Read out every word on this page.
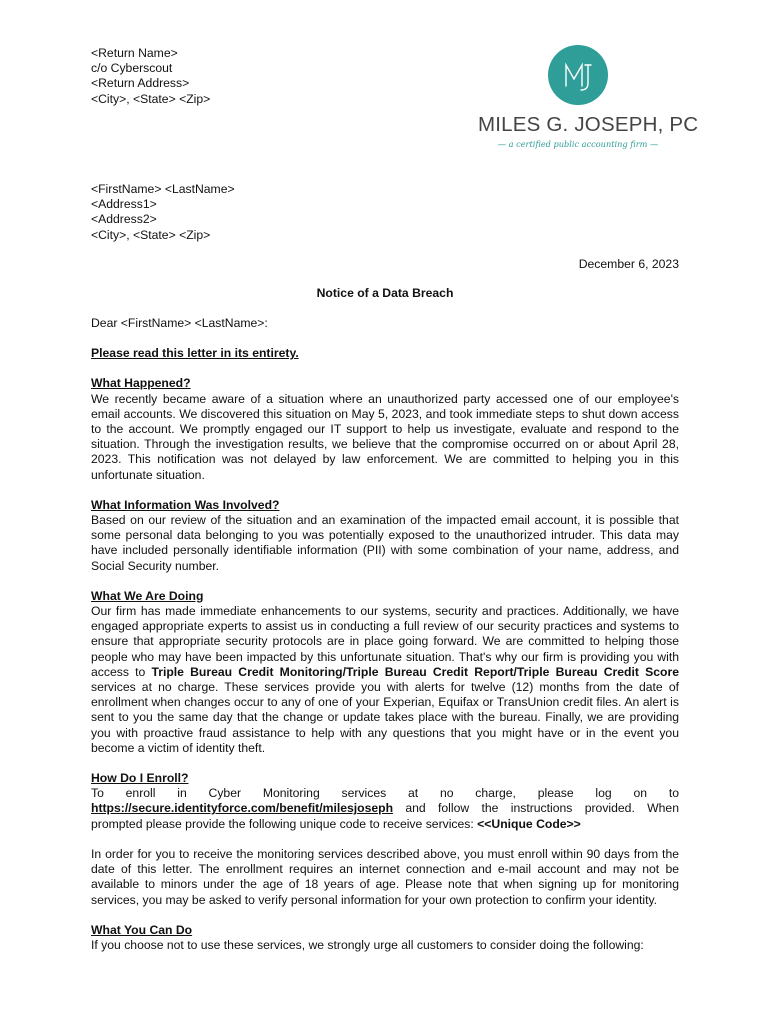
<Return Name>
c/o Cyberscout
<Return Address>
<City>, <State> <Zip>
MILES G. JOSEPH, PC
— a certified public accounting firm —
<FirstName> <LastName>
<Address1>
<Address2>
<City>, <State> <Zip>
December 6, 2023
Notice of a Data Breach

Dear <FirstName> <LastName>:

Please read this letter in its entirety.

What Happened?

We recently became aware of a situation where an unauthorized party accessed one of our employee's email accounts. We discovered this situation on May 5, 2023, and took immediate steps to shut down access to the account. We promptly engaged our IT support to help us investigate, evaluate and respond to the situation. Through the investigation results, we believe that the compromise occurred on or about April 28, 2023. This notification was not delayed by law enforcement. We are committed to helping you in this unfortunate situation.

What Information Was Involved?

Based on our review of the situation and an examination of the impacted email account, it is possible that some personal data belonging to you was potentially exposed to the unauthorized intruder. This data may have included personally identifiable information (PII) with some combination of your name, address, and Social Security number.

What We Are Doing

Our firm has made immediate enhancements to our systems, security and practices. Additionally, we have engaged appropriate experts to assist us in conducting a full review of our security practices and systems to ensure that appropriate security protocols are in place going forward. We are committed to helping those people who may have been impacted by this unfortunate situation. That's why our firm is providing you with access to Triple Bureau Credit Monitoring/Triple Bureau Credit Report/Triple Bureau Credit Score services at no charge. These services provide you with alerts for twelve (12) months from the date of enrollment when changes occur to any of one of your Experian, Equifax or TransUnion credit files. An alert is sent to you the same day that the change or update takes place with the bureau. Finally, we are providing you with proactive fraud assistance to help with any questions that you might have or in the event you become a victim of identity theft.

How Do I Enroll?

To enroll in Cyber Monitoring services at no charge, please log on to https://secure.identityforce.com/benefit/milesjoseph and follow the instructions provided. When prompted please provide the following unique code to receive services: <<Unique Code>>

In order for you to receive the monitoring services described above, you must enroll within 90 days from the date of this letter. The enrollment requires an internet connection and e-mail account and may not be available to minors under the age of 18 years of age. Please note that when signing up for monitoring services, you may be asked to verify personal information for your own protection to confirm your identity.

What You Can Do

If you choose not to use these services, we strongly urge all customers to consider doing the following:
